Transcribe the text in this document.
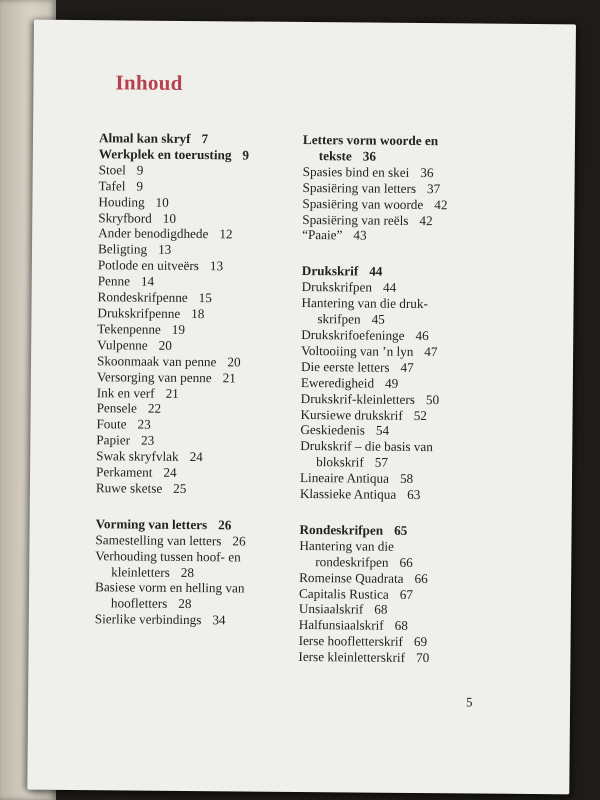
Inhoud
Almal kan skryf 7
Werkplek en toerusting 9
Stoel 9
Tafel 9
Houding 10
Skryfbord 10
Ander benodigdhede 12
Beligting 13
Potlode en uitveërs 13
Penne 14
Rondeskrifpenne 15
Drukskrifpenne 18
Tekenpenne 19
Vulpenne 20
Skoonmaak van penne 20
Versorging van penne 21
Ink en verf 21
Pensele 22
Foute 23
Papier 23
Swak skryfvlak 24
Perkament 24
Ruwe sketse 25
Vorming van letters 26
Samestelling van letters 26
Verhouding tussen hoof- en
kleinletters 28
Basiese vorm en helling van
hoofletters 28
Sierlike verbindings 34
Letters vorm woorde en
tekste 36
Spasies bind en skei 36
Spasiëring van letters 37
Spasiëring van woorde 42
Spasiëring van reëls 42
“Paaie” 43
Drukskrif 44
Drukskrifpen 44
Hantering van die druk-
skrifpen 45
Drukskrifoefeninge 46
Voltooiing van ’n lyn 47
Die eerste letters 47
Eweredigheid 49
Drukskrif-kleinletters 50
Kursiewe drukskrif 52
Geskiedenis 54
Drukskrif – die basis van
blokskrif 57
Lineaire Antiqua 58
Klassieke Antiqua 63
Rondeskrifpen 65
Hantering van die
rondeskrifpen 66
Romeinse Quadrata 66
Capitalis Rustica 67
Unsiaalskrif 68
Halfunsiaalskrif 68
Ierse hoofletterskrif 69
Ierse kleinletterskrif 70
5
